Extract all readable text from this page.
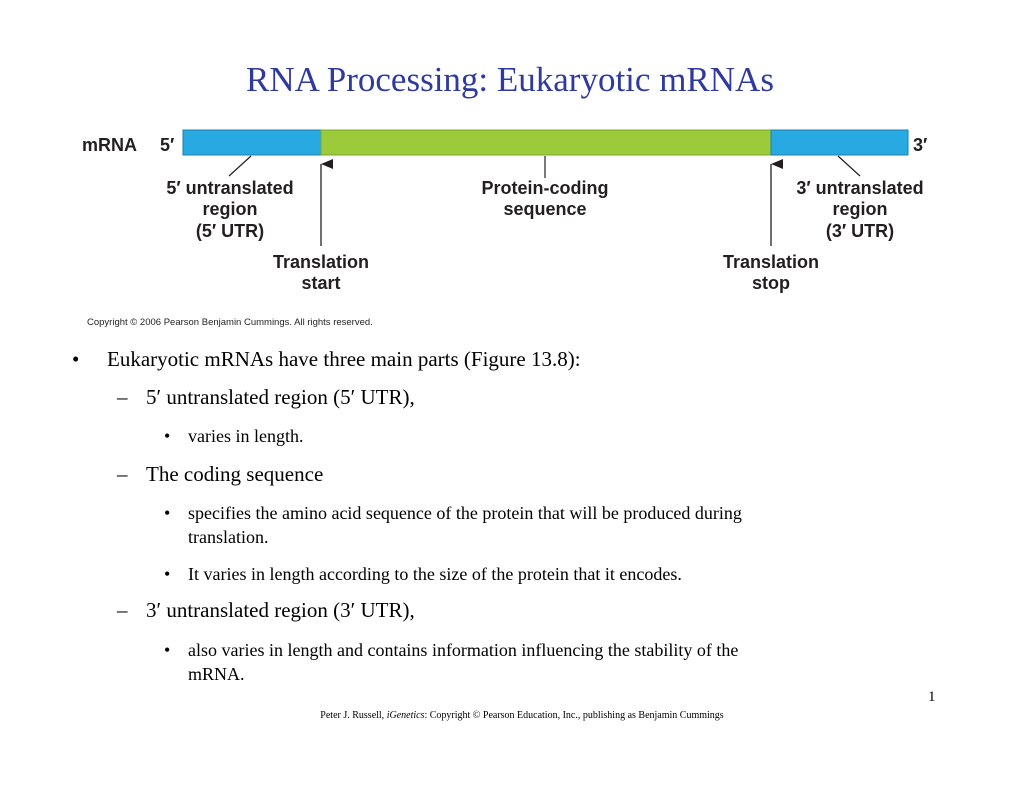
RNA Processing: Eukaryotic mRNAs
mRNA 5′	3′
5′ untranslated
region
(5′ UTR)
Protein-coding
sequence
3′ untranslated
region
(3′ UTR)
Translation
start
Translation
stop
Copyright © 2006 Pearson Benjamin Cummings. All rights reserved.
• Eukaryotic mRNAs have three main parts (Figure 13.8):
– 5′ untranslated region (5′ UTR),
• varies in length.
– The coding sequence
• specifies the amino acid sequence of the protein that will be produced during
translation.
• It varies in length according to the size of the protein that it encodes.
– 3′ untranslated region (3′ UTR),
• also varies in length and contains information influencing the stability of the
mRNA.
1
Peter J. Russell, iGenetics: Copyright © Pearson Education, Inc., publishing as Benjamin Cummings
